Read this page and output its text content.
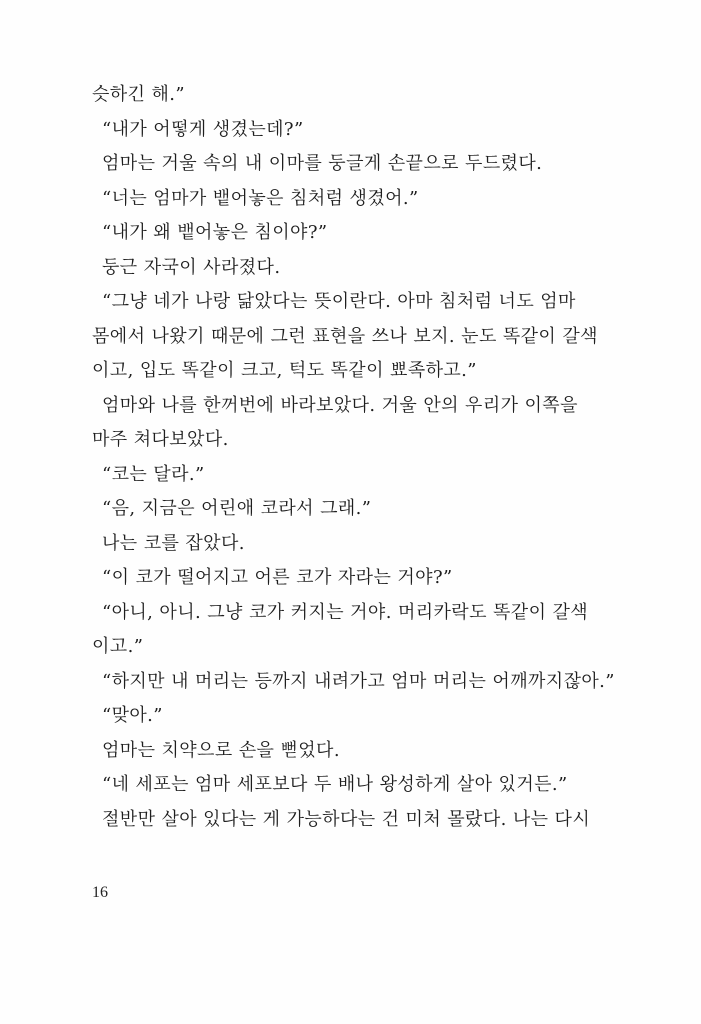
슷하긴 해.”
“내가 어떻게 생겼는데?”
엄마는 거울 속의 내 이마를 둥글게 손끝으로 두드렸다.
“너는 엄마가 뱉어놓은 침처럼 생겼어.”
“내가 왜 뱉어놓은 침이야?”
둥근 자국이 사라졌다.
“그냥 네가 나랑 닮았다는 뜻이란다. 아마 침처럼 너도 엄마
몸에서 나왔기 때문에 그런 표현을 쓰나 보지. 눈도 똑같이 갈색
이고, 입도 똑같이 크고, 턱도 똑같이 뾰족하고.”
엄마와 나를 한꺼번에 바라보았다. 거울 안의 우리가 이쪽을
마주 쳐다보았다.
“코는 달라.”
“음, 지금은 어린애 코라서 그래.”
나는 코를 잡았다.
“이 코가 떨어지고 어른 코가 자라는 거야?”
“아니, 아니. 그냥 코가 커지는 거야. 머리카락도 똑같이 갈색
이고.”
“하지만 내 머리는 등까지 내려가고 엄마 머리는 어깨까지잖아.”
“맞아.”
엄마는 치약으로 손을 뻗었다.
“네 세포는 엄마 세포보다 두 배나 왕성하게 살아 있거든.”
절반만 살아 있다는 게 가능하다는 건 미처 몰랐다. 나는 다시
16
